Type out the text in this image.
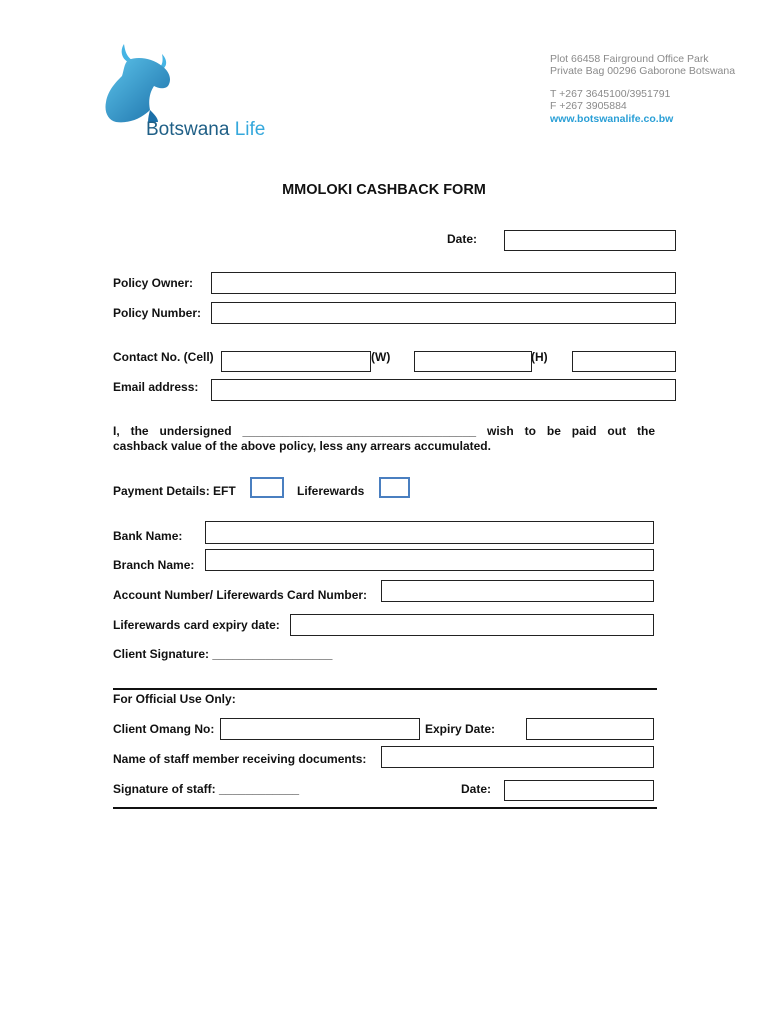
Botswana Life
Plot 66458 Fairground Office Park
Private Bag 00296 Gaborone Botswana
T +267 3645100/3951791
F +267 3905884
www.botswanalife.co.bw
MMOLOKI CASHBACK FORM
Date:
Policy Owner:
Policy Number:
Contact No. (Cell)	(W)	(H)
Email address:
I, the undersigned ___________________________________ wish to be paid out the
cashback value of the above policy, less any arrears accumulated.
Payment Details: EFT	Liferewards
Bank Name:
Branch Name:
Account Number/ Liferewards Card Number:
Liferewards card expiry date:
Client Signature: __________________
For Official Use Only:
Client Omang No:	Expiry Date:
Name of staff member receiving documents:
Signature of staff: ____________	Date:
